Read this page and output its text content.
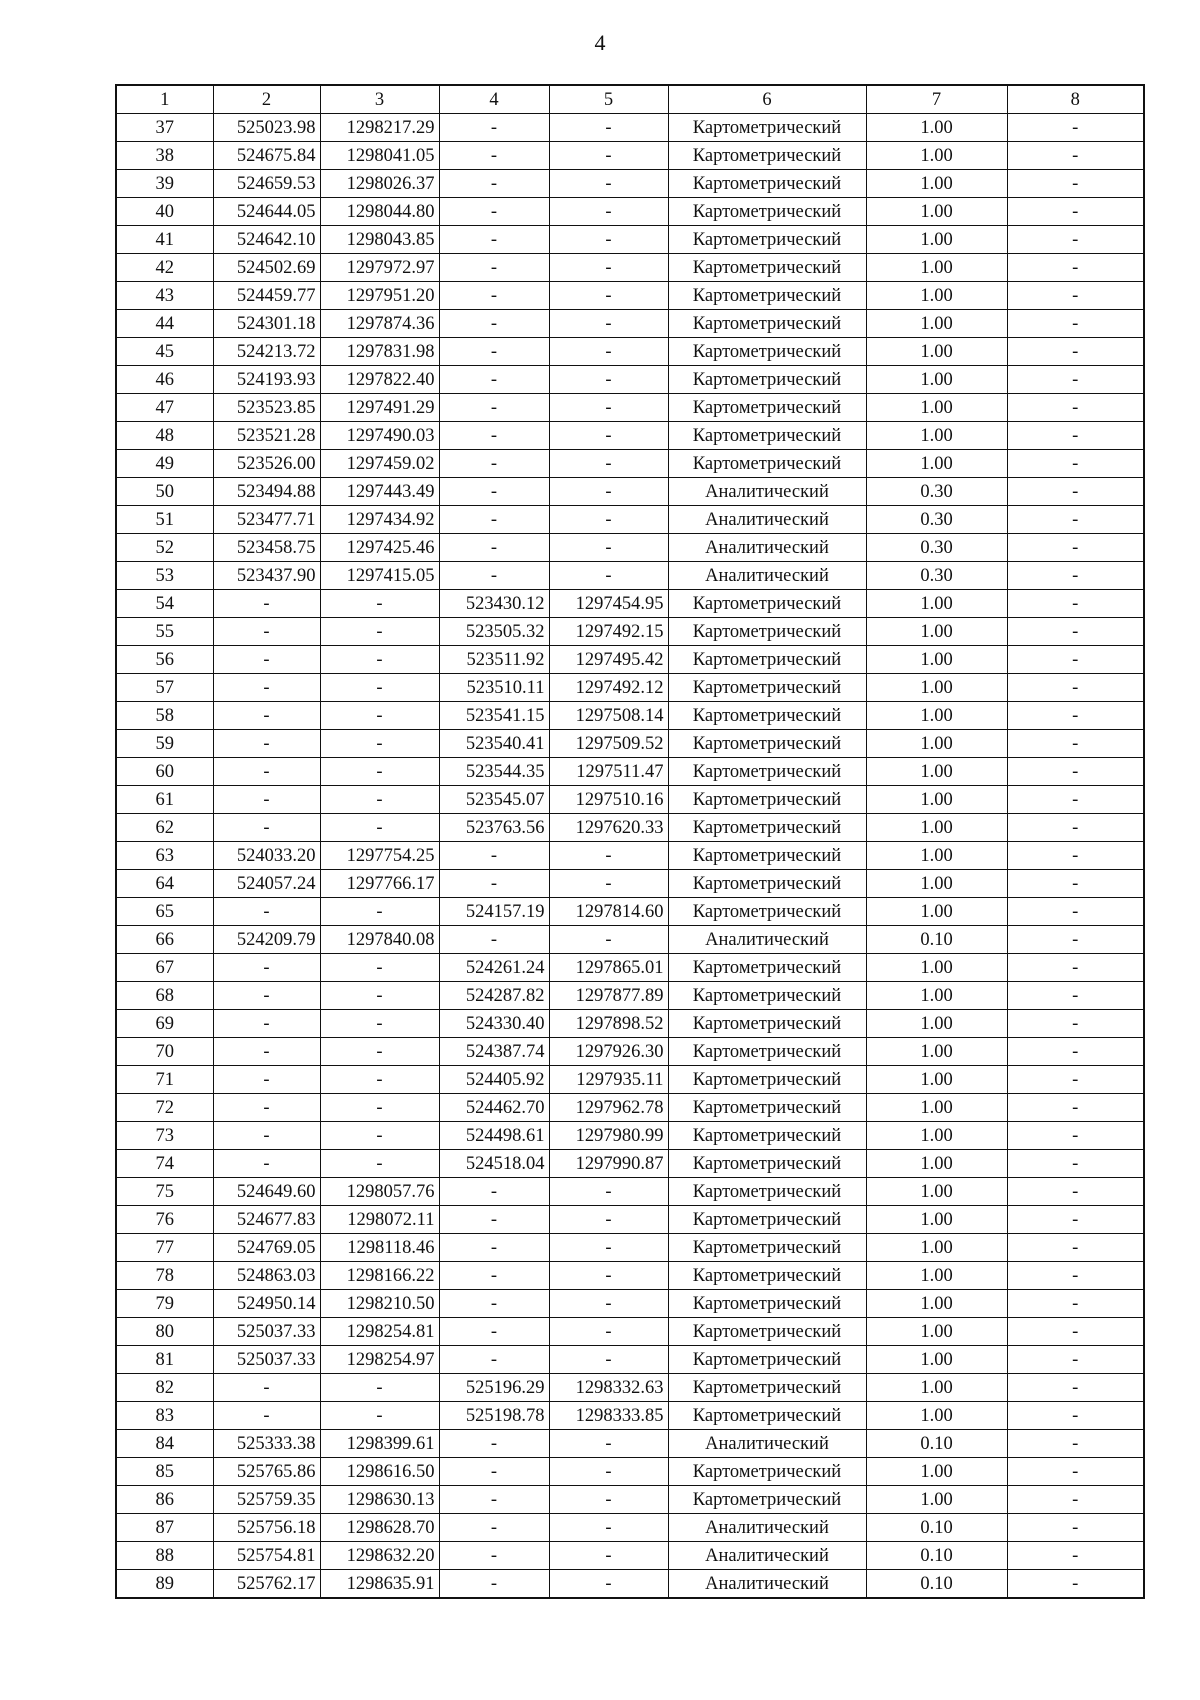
4
1	2	3	4	5	6	7	8
37	525023.98	1298217.29	-	-	Картометрический	1.00	-
38	524675.84	1298041.05	-	-	Картометрический	1.00	-
39	524659.53	1298026.37	-	-	Картометрический	1.00	-
40	524644.05	1298044.80	-	-	Картометрический	1.00	-
41	524642.10	1298043.85	-	-	Картометрический	1.00	-
42	524502.69	1297972.97	-	-	Картометрический	1.00	-
43	524459.77	1297951.20	-	-	Картометрический	1.00	-
44	524301.18	1297874.36	-	-	Картометрический	1.00	-
45	524213.72	1297831.98	-	-	Картометрический	1.00	-
46	524193.93	1297822.40	-	-	Картометрический	1.00	-
47	523523.85	1297491.29	-	-	Картометрический	1.00	-
48	523521.28	1297490.03	-	-	Картометрический	1.00	-
49	523526.00	1297459.02	-	-	Картометрический	1.00	-
50	523494.88	1297443.49	-	-	Аналитический	0.30	-
51	523477.71	1297434.92	-	-	Аналитический	0.30	-
52	523458.75	1297425.46	-	-	Аналитический	0.30	-
53	523437.90	1297415.05	-	-	Аналитический	0.30	-
54	-	-	523430.12	1297454.95	Картометрический	1.00	-
55	-	-	523505.32	1297492.15	Картометрический	1.00	-
56	-	-	523511.92	1297495.42	Картометрический	1.00	-
57	-	-	523510.11	1297492.12	Картометрический	1.00	-
58	-	-	523541.15	1297508.14	Картометрический	1.00	-
59	-	-	523540.41	1297509.52	Картометрический	1.00	-
60	-	-	523544.35	1297511.47	Картометрический	1.00	-
61	-	-	523545.07	1297510.16	Картометрический	1.00	-
62	-	-	523763.56	1297620.33	Картометрический	1.00	-
63	524033.20	1297754.25	-	-	Картометрический	1.00	-
64	524057.24	1297766.17	-	-	Картометрический	1.00	-
65	-	-	524157.19	1297814.60	Картометрический	1.00	-
66	524209.79	1297840.08	-	-	Аналитический	0.10	-
67	-	-	524261.24	1297865.01	Картометрический	1.00	-
68	-	-	524287.82	1297877.89	Картометрический	1.00	-
69	-	-	524330.40	1297898.52	Картометрический	1.00	-
70	-	-	524387.74	1297926.30	Картометрический	1.00	-
71	-	-	524405.92	1297935.11	Картометрический	1.00	-
72	-	-	524462.70	1297962.78	Картометрический	1.00	-
73	-	-	524498.61	1297980.99	Картометрический	1.00	-
74	-	-	524518.04	1297990.87	Картометрический	1.00	-
75	524649.60	1298057.76	-	-	Картометрический	1.00	-
76	524677.83	1298072.11	-	-	Картометрический	1.00	-
77	524769.05	1298118.46	-	-	Картометрический	1.00	-
78	524863.03	1298166.22	-	-	Картометрический	1.00	-
79	524950.14	1298210.50	-	-	Картометрический	1.00	-
80	525037.33	1298254.81	-	-	Картометрический	1.00	-
81	525037.33	1298254.97	-	-	Картометрический	1.00	-
82	-	-	525196.29	1298332.63	Картометрический	1.00	-
83	-	-	525198.78	1298333.85	Картометрический	1.00	-
84	525333.38	1298399.61	-	-	Аналитический	0.10	-
85	525765.86	1298616.50	-	-	Картометрический	1.00	-
86	525759.35	1298630.13	-	-	Картометрический	1.00	-
87	525756.18	1298628.70	-	-	Аналитический	0.10	-
88	525754.81	1298632.20	-	-	Аналитический	0.10	-
89	525762.17	1298635.91	-	-	Аналитический	0.10	-
